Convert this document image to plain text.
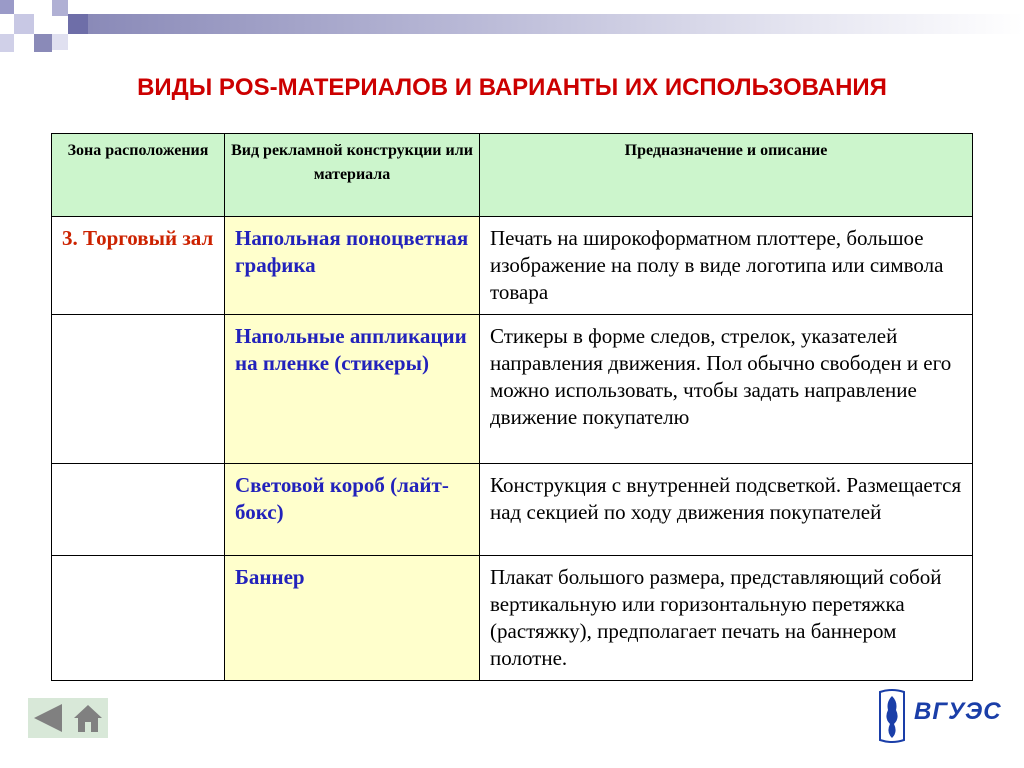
ВИДЫ POS-МАТЕРИАЛОВ И ВАРИАНТЫ ИХ ИСПОЛЬЗОВАНИЯ
Зона расположения	Вид рекламной конструкции или материала	Предназначение и описание
3. Торговый зал	Напольная поноцветная графика	Печать на широкоформатном плоттере, большое изображение на полу в виде логотипа или символа товара
	Напольные аппликации на пленке (стикеры)	Стикеры в форме следов, стрелок, указателей направления движения. Пол обычно свободен и его можно использовать, чтобы задать направление движение покупателю
	Световой короб (лайт-бокс)	Конструкция с внутренней подсветкой. Размещается над секцией по ходу движения покупателей
	Баннер	Плакат большого размера, представляющий собой вертикальную или горизонтальную перетяжка (растяжку), предполагает печать на баннером полотне.
ВГУЭС
